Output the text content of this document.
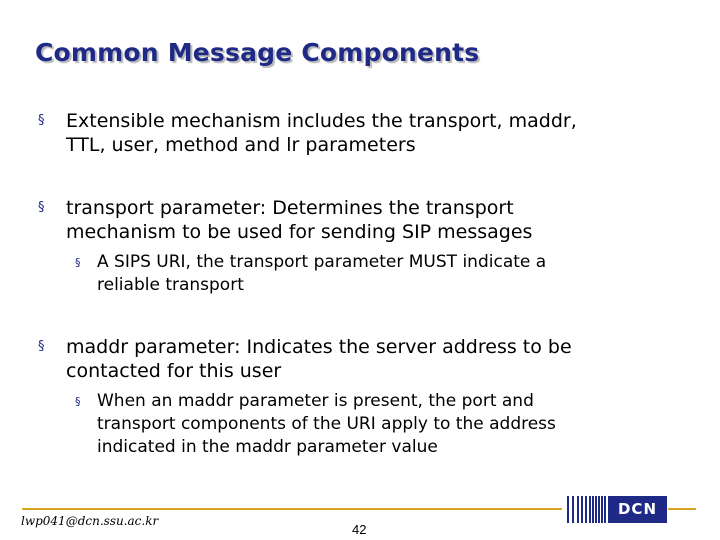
Common Message Components
§ Extensible mechanism includes the transport, maddr,
TTL, user, method and lr parameters
§ transport parameter: Determines the transport
mechanism to be used for sending SIP messages
§ A SIPS URI, the transport parameter MUST indicate a
reliable transport
§ maddr parameter: Indicates the server address to be
contacted for this user
§ When an maddr parameter is present, the port and
transport components of the URI apply to the address
indicated in the maddr parameter value
lwp041@dcn.ssu.ac.kr
42
DCN
